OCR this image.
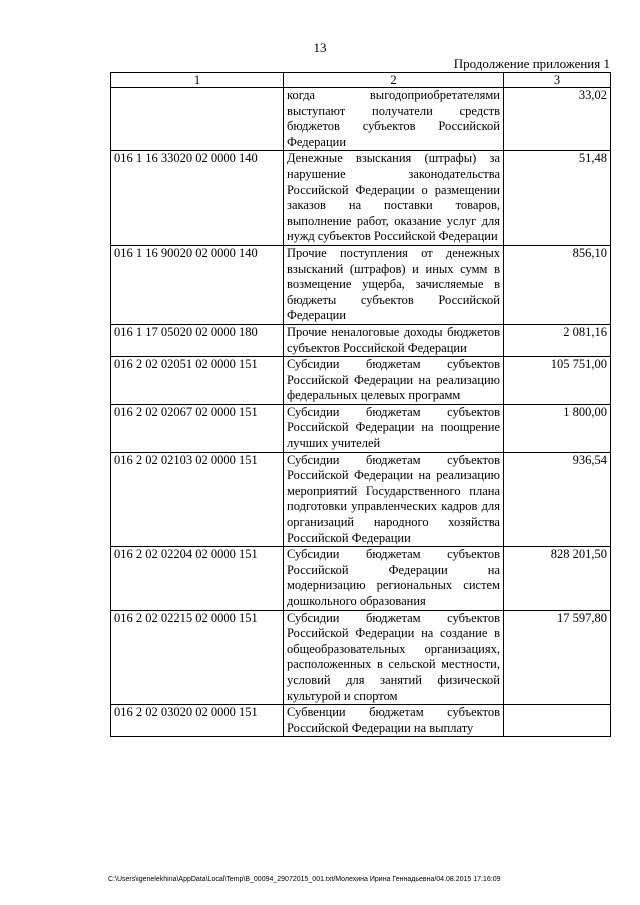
13
Продолжение приложения 1
1	2	3
	когда выгодоприобретателями выступают получатели средств бюджетов субъектов Российской Федерации	33,02
016 1 16 33020 02 0000 140	Денежные взыскания (штрафы) за нарушение законодательства Российской Федерации о размещении заказов на поставки товаров, выполнение работ, оказание услуг для нужд субъектов Российской Федерации	51,48
016 1 16 90020 02 0000 140	Прочие поступления от денежных взысканий (штрафов) и иных сумм в возмещение ущерба, зачисляемые в бюджеты субъектов Российской Федерации	856,10
016 1 17 05020 02 0000 180	Прочие неналоговые доходы бюджетов субъектов Российской Федерации	2 081,16
016 2 02 02051 02 0000 151	Субсидии бюджетам субъектов Российской Федерации на реализацию федеральных целевых программ	105 751,00
016 2 02 02067 02 0000 151	Субсидии бюджетам субъектов Российской Федерации на поощрение лучших учителей	1 800,00
016 2 02 02103 02 0000 151	Субсидии бюджетам субъектов Российской Федерации на реализацию мероприятий Государственного плана подготовки управленческих кадров для организаций народного хозяйства Российской Федерации	936,54
016 2 02 02204 02 0000 151	Субсидии бюджетам субъектов Российской Федерации на модернизацию региональных систем дошкольного образования	828 201,50
016 2 02 02215 02 0000 151	Субсидии бюджетам субъектов Российской Федерации на создание в общеобразовательных организациях, расположенных в сельской местности, условий для занятий физической культурой и спортом	17 597,80
016 2 02 03020 02 0000 151	Субвенции бюджетам субъектов Российской Федерации на выплату	
C:\Users\igenelekhina\AppData\Local\Temp\B_00094_29072015_001.txt/Молехина Ирина Геннадьевна/04.08.2015 17:16:09
